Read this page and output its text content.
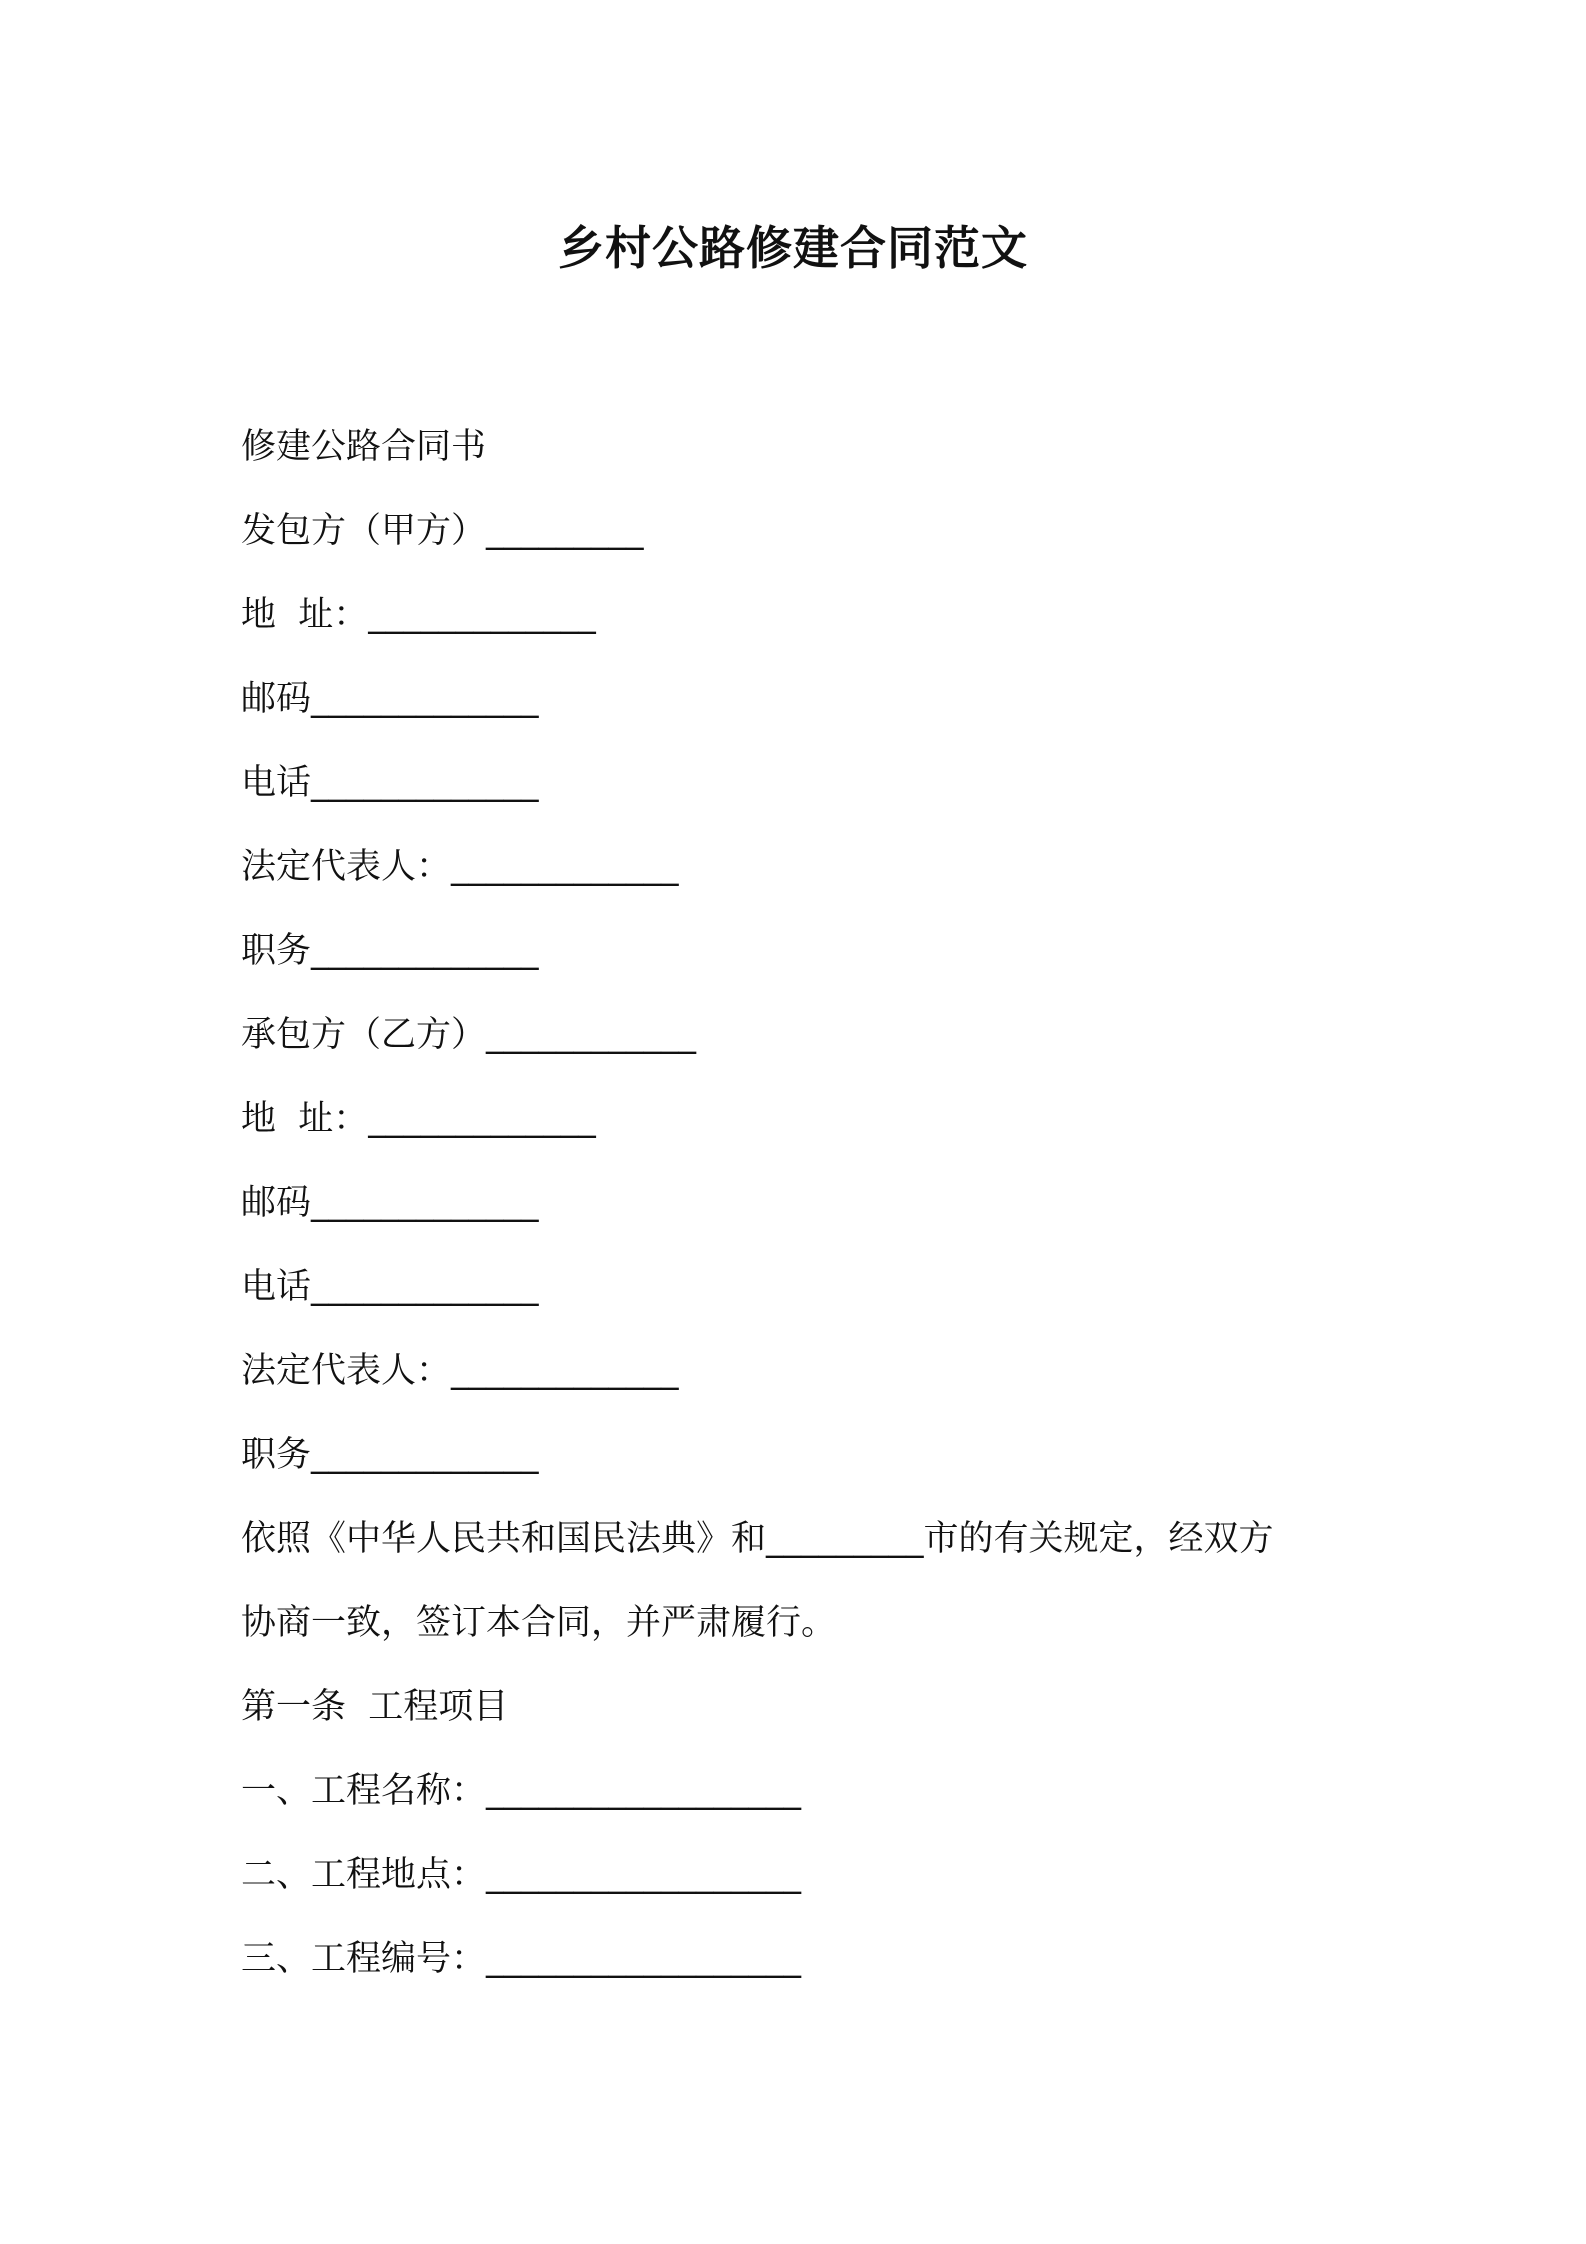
乡村公路修建合同范文

修建公路合同书

发包方（甲方）_________

地  址：_____________

邮码_____________

电话_____________

法定代表人：_____________

职务_____________

承包方（乙方）____________

地  址：_____________

邮码_____________

电话_____________

法定代表人：_____________

职务_____________

依照《中华人民共和国民法典》和_________市的有关规定，经双方

协商一致，签订本合同，并严肃履行。

第一条  工程项目

一、工程名称：__________________

二、工程地点：__________________

三、工程编号：__________________
